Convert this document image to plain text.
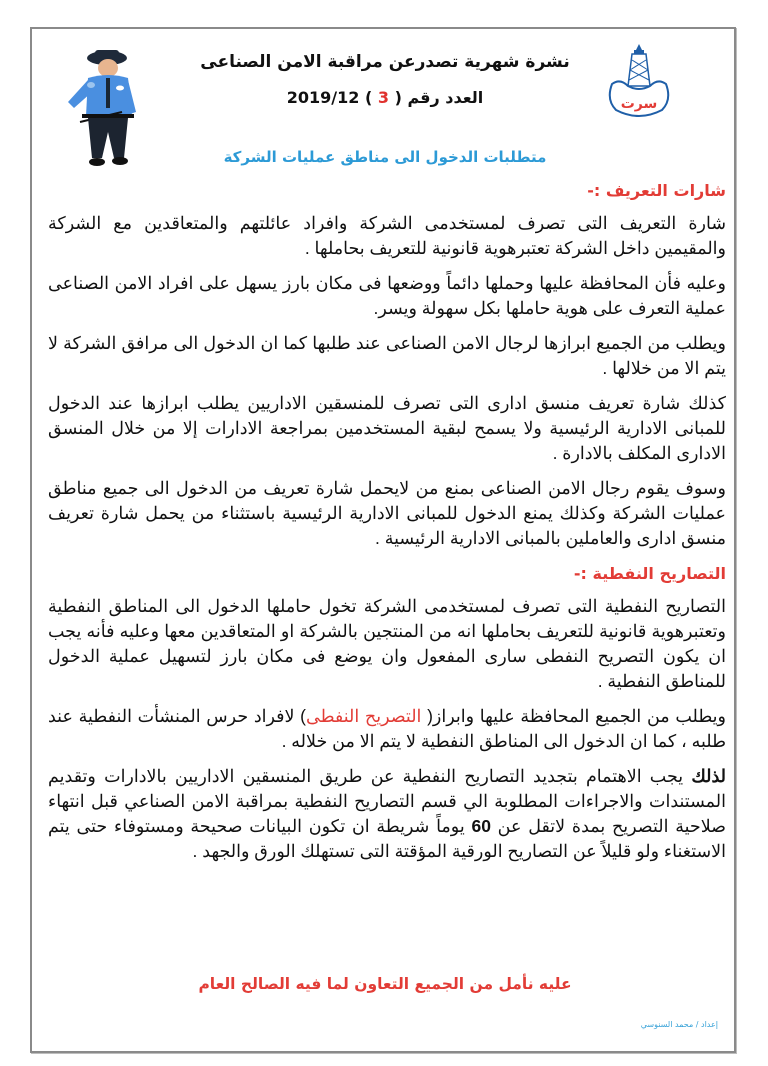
سرت
نشرة شهرية تصدرعن مراقبة الامن الصناعى
العدد رقم ( 3 ) 2019/12
متطلبات الدخول الى مناطق عمليات الشركة
شارات التعريف :-

شارة التعريف التى تصرف لمستخدمى الشركة وافراد عائلتهم والمتعاقدين مع الشركة والمقيمين داخل الشركة تعتبرهوية قانونية للتعريف بحاملها .

وعليه فأن المحافظة عليها وحملها دائماً ووضعها فى مكان بارز يسهل على افراد الامن الصناعى عملية التعرف على هوية حاملها بكل سهولة ويسر.

ويطلب من الجميع ابرازها لرجال الامن الصناعى عند طلبها كما ان الدخول الى مرافق الشركة لا يتم الا من خلالها .

كذلك شارة تعريف منسق ادارى التى تصرف للمنسقين الاداريين يطلب ابرازها عند الدخول للمبانى الادارية الرئيسية ولا يسمح لبقية المستخدمين بمراجعة الادارات إلا من خلال المنسق الادارى المكلف بالادارة .

وسوف يقوم رجال الامن الصناعى بمنع من لايحمل شارة تعريف من الدخول الى جميع مناطق عمليات الشركة وكذلك يمنع الدخول للمبانى الادارية الرئيسية باستثناء من يحمل شارة تعريف منسق ادارى والعاملين بالمبانى الادارية الرئيسية .

التصاريح النفطية :-

التصاريح النفطية التى تصرف لمستخدمى الشركة تخول حاملها الدخول الى المناطق النفطية وتعتبرهوية قانونية للتعريف بحاملها انه من المنتجين بالشركة او المتعاقدين معها وعليه فأنه يجب ان يكون التصريح النفطى سارى المفعول وان يوضع فى مكان بارز لتسهيل عملية الدخول للمناطق النفطية .

ويطلب من الجميع المحافظة عليها وابراز( التصريح النفطى) لافراد حرس المنشأت النفطية عند طلبه ، كما ان الدخول الى المناطق النفطية لا يتم الا من خلاله .

لذلك يجب الاهتمام بتجديد التصاريح النفطية عن طريق المنسقين الاداريين بالادارات وتقديم المستندات والاجراءات المطلوبة الي قسم التصاريح النفطية بمراقبة الامن الصناعي قبل انتهاء صلاحية التصريح بمدة لاتقل عن 60 يوماً شريطة ان تكون البيانات صحيحة ومستوفاء حتى يتم الاستغناء ولو قليلاً عن التصاريح الورقية المؤقتة التى تستهلك الورق والجهد .

عليه نأمل من الجميع التعاون لما فيه الصالح العام
إعداد / محمد السنوسي
